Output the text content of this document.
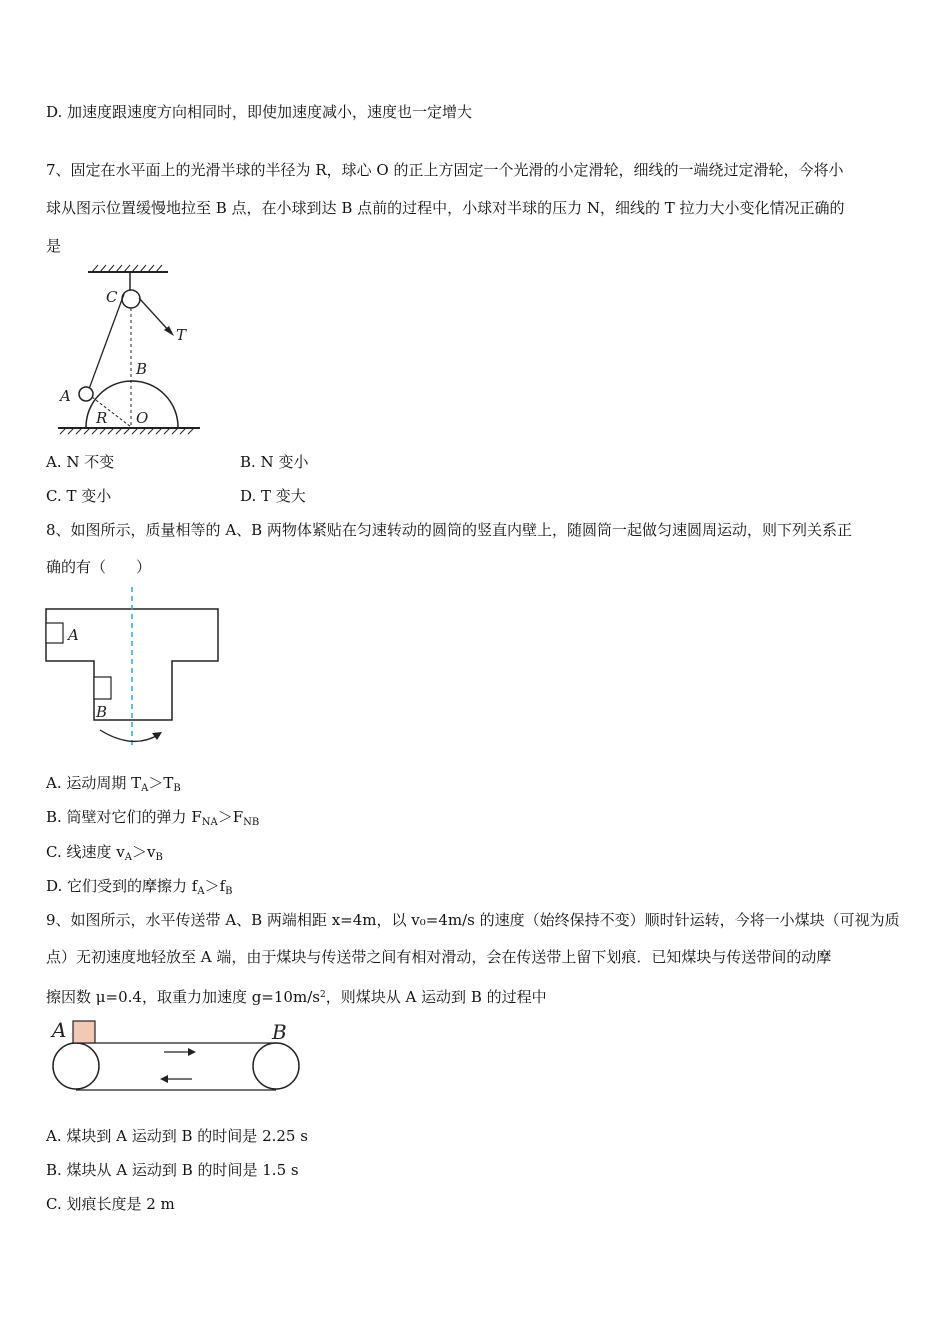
D. 加速度跟速度方向相同时，即使加速度减小，速度也一定增大
7、固定在水平面上的光滑半球的半径为 R，球心 O 的正上方固定一个光滑的小定滑轮，细线的一端绕过定滑轮，今将小
球从图示位置缓慢地拉至 B 点，在小球到达 B 点前的过程中，小球对半球的压力 N，细线的 T 拉力大小变化情况正确的
是
C
T
B
A
R O
A. N 不变	B. N 变小
C. T 变小	D. T 变大
8、如图所示，质量相等的 A、B 两物体紧贴在匀速转动的圆筒的竖直内壁上，随圆筒一起做匀速圆周运动，则下列关系正
确的有（　　）
A
B
A. 运动周期 $T_A>T_B$
B. 筒壁对它们的弹力 $F_{NA}>F_{NB}$
C. 线速度 $v_A>v_B$
D. 它们受到的摩擦力 $f_A>f_B$
9、如图所示，水平传送带 A、B 两端相距 x=4m，以 v₀=4m/s 的速度（始终保持不变）顺时针运转，今将一小煤块（可视为质
点）无初速度地轻放至 A 端，由于煤块与传送带之间有相对滑动，会在传送带上留下划痕．已知煤块与传送带间的动摩
擦因数 μ=0.4，取重力加速度 $g=10m/s^2$，则煤块从 A 运动到 B 的过程中
A	B
A. 煤块到 A 运动到 B 的时间是 2.25 s
B. 煤块从 A 运动到 B 的时间是 1.5 s
C. 划痕长度是 2 m
